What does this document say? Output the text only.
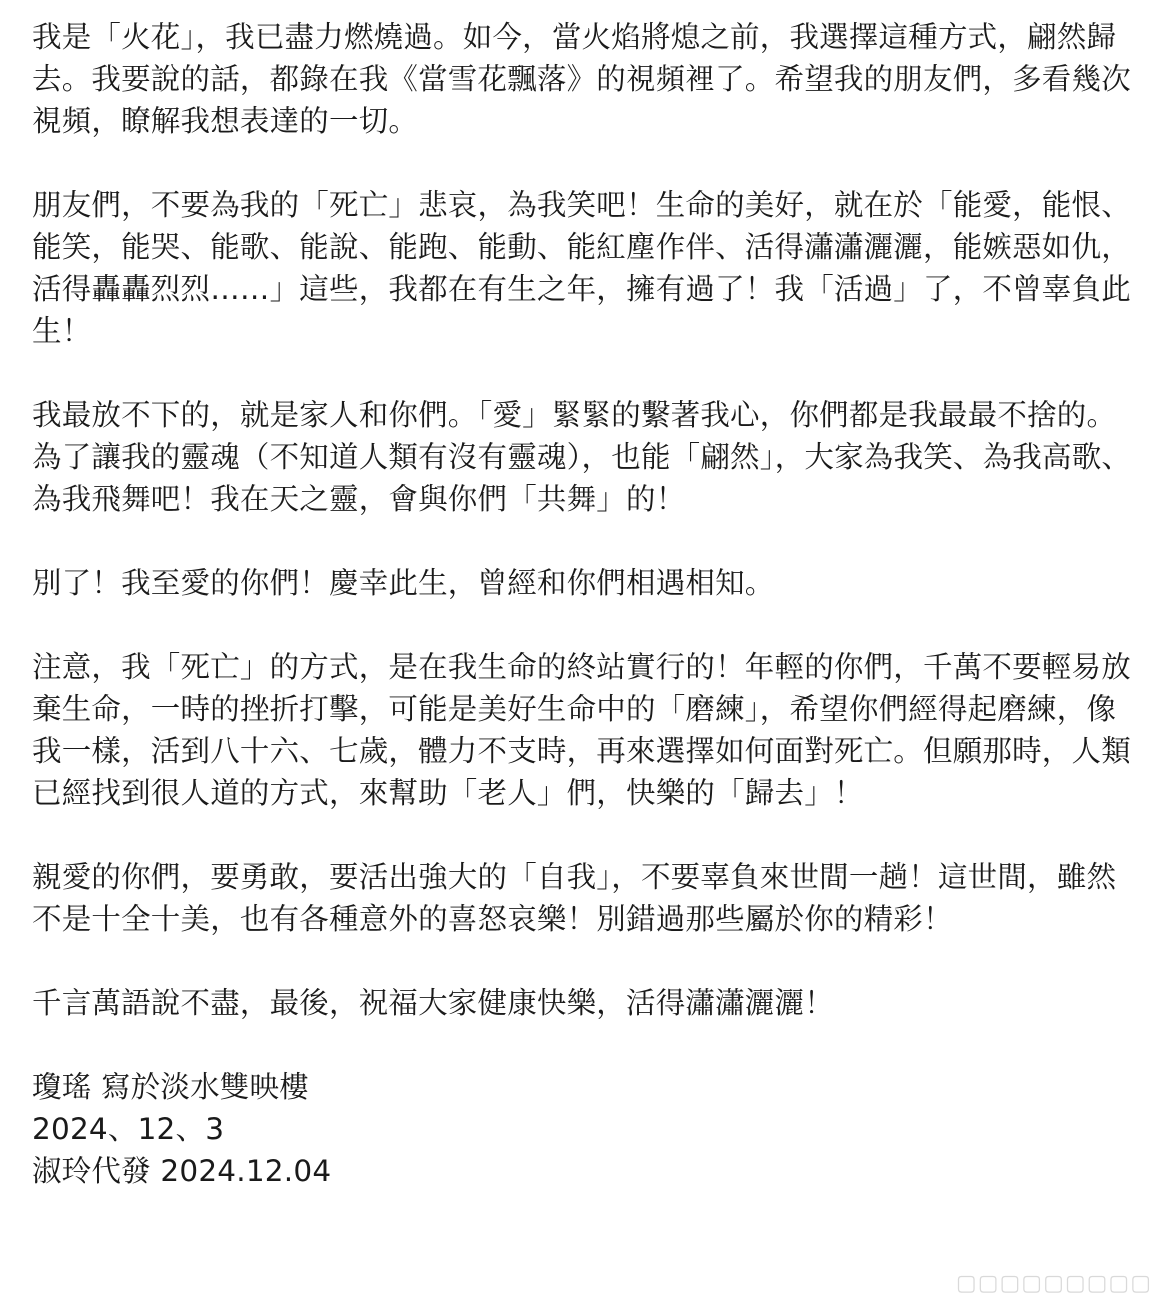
我是「火花」，我已盡力燃燒過。如今，當火焰將熄之前，我選擇這種方式，翩然歸去。我要說的話，都錄在我《當雪花飄落》的視頻裡了。希望我的朋友們，多看幾次視頻，瞭解我想表達的一切。

朋友們，不要為我的「死亡」悲哀，為我笑吧！生命的美好，就在於「能愛，能恨、能笑，能哭、能歌、能說、能跑、能動、能紅塵作伴、活得瀟瀟灑灑，能嫉惡如仇，活得轟轟烈烈……」這些，我都在有生之年，擁有過了！我「活過」了，不曾辜負此生！

我最放不下的，就是家人和你們。「愛」緊緊的繫著我心，你們都是我最最不捨的。為了讓我的靈魂（不知道人類有沒有靈魂），也能「翩然」，大家為我笑、為我高歌、為我飛舞吧！我在天之靈，會與你們「共舞」的！

別了！我至愛的你們！慶幸此生，曾經和你們相遇相知。

注意，我「死亡」的方式，是在我生命的終站實行的！年輕的你們，千萬不要輕易放棄生命，一時的挫折打擊，可能是美好生命中的「磨練」，希望你們經得起磨練，像我一樣，活到八十六、七歲，體力不支時，再來選擇如何面對死亡。但願那時，人類已經找到很人道的方式，來幫助「老人」們，快樂的「歸去」！

親愛的你們，要勇敢，要活出強大的「自我」，不要辜負來世間一趟！這世間，雖然不是十全十美，也有各種意外的喜怒哀樂！別錯過那些屬於你的精彩！

千言萬語說不盡，最後，祝福大家健康快樂，活得瀟瀟灑灑！

瓊瑤 寫於淡水雙映樓

2024、12、3

淑玲代發 2024.12.04

▢▢▢▢▢▢▢▢▢
